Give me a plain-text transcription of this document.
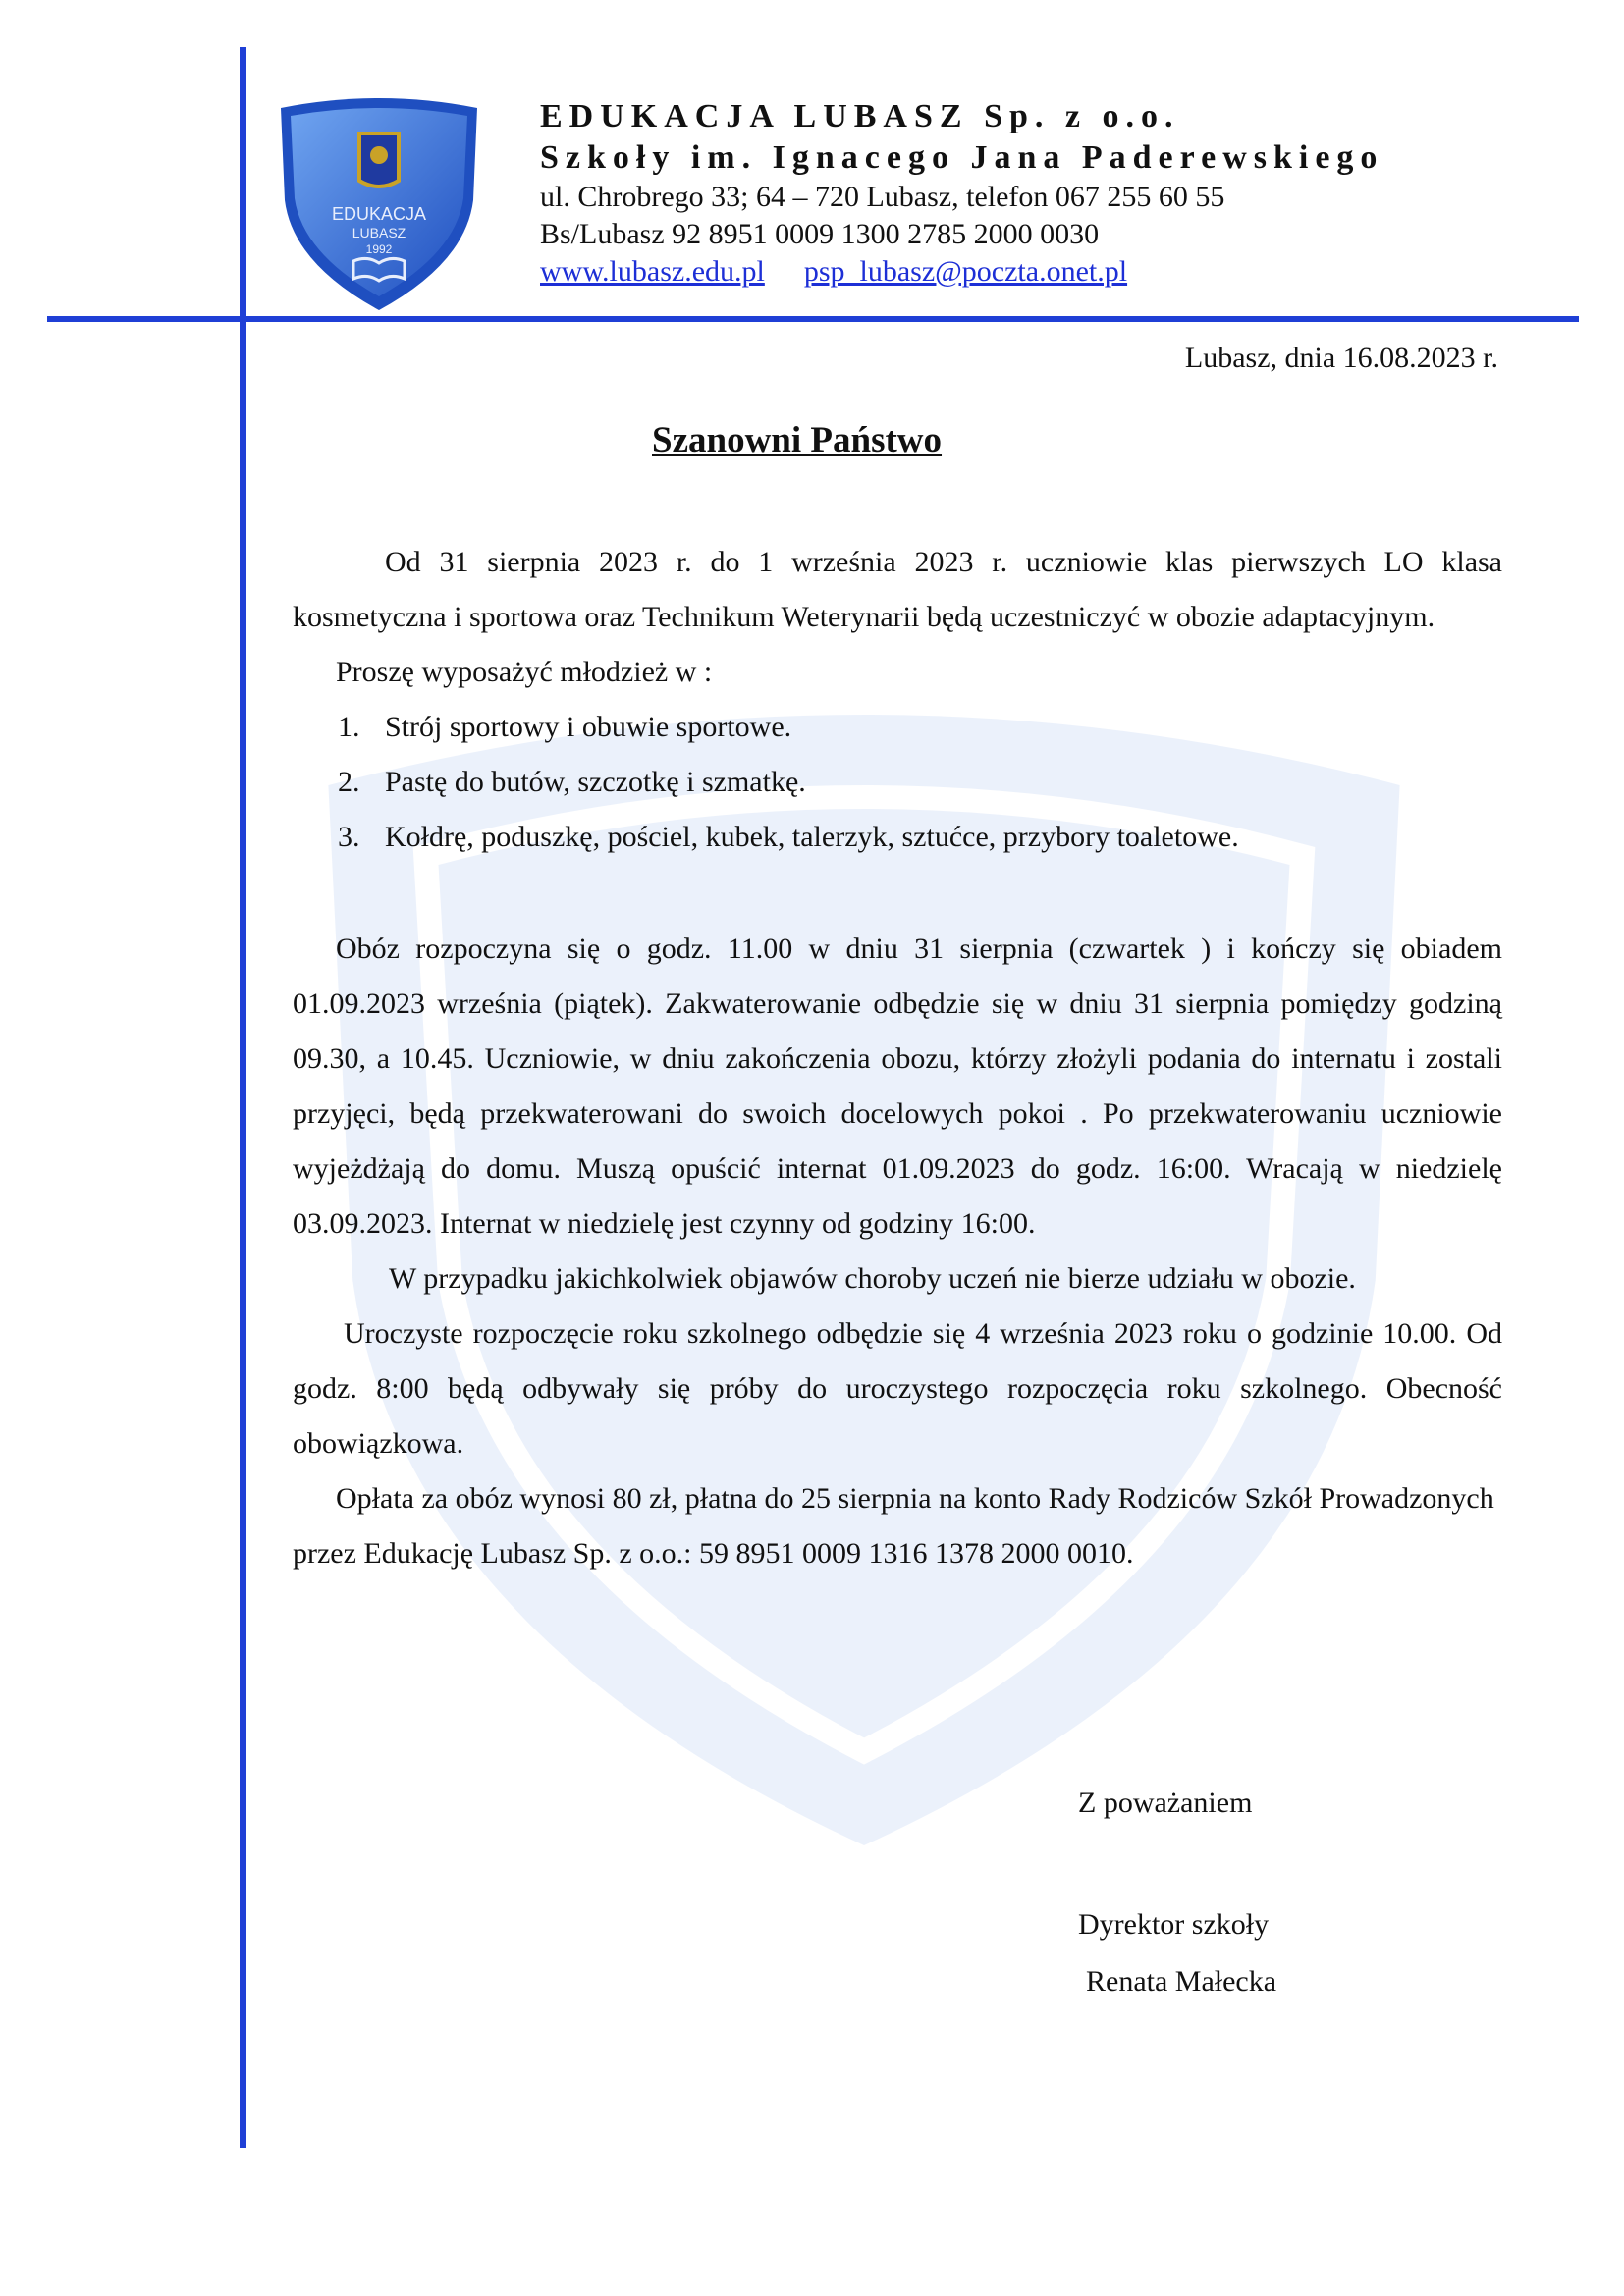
EDUKACJA
LUBASZ
1992
EDUKACJA LUBASZ Sp. z o.o.
Szkoły im. Ignacego Jana Paderewskiego
ul. Chrobrego 33; 64 – 720 Lubasz, telefon 067 255 60 55
Bs/Lubasz 92 8951 0009 1300 2785 2000 0030
www.lubasz.edu.pl psp_lubasz@poczta.onet.pl
Lubasz, dnia 16.08.2023 r.
Szanowni Państwo

Od 31 sierpnia 2023 r. do 1 września 2023 r. uczniowie klas pierwszych LO klasa kosmetyczna i sportowa oraz Technikum Weterynarii będą uczestniczyć w obozie adaptacyjnym.

Proszę wyposażyć młodzież w :

1. Strój sportowy i obuwie sportowe.
2. Pastę do butów, szczotkę i szmatkę.
3. Kołdrę, poduszkę, pościel, kubek, talerzyk, sztućce, przybory toaletowe.

Obóz rozpoczyna się o godz. 11.00 w dniu 31 sierpnia (czwartek ) i kończy się obiadem 01.09.2023 września (piątek). Zakwaterowanie odbędzie się w dniu 31 sierpnia pomiędzy godziną 09.30, a 10.45. Uczniowie, w dniu zakończenia obozu, którzy złożyli podania do internatu i zostali przyjęci, będą przekwaterowani do swoich docelowych pokoi . Po przekwaterowaniu uczniowie wyjeżdżają do domu. Muszą opuścić internat 01.09.2023 do godz. 16:00. Wracają w niedzielę 03.09.2023. Internat w niedzielę jest czynny od godziny 16:00.

W przypadku jakichkolwiek objawów choroby uczeń nie bierze udziału w obozie.

Uroczyste rozpoczęcie roku szkolnego odbędzie się 4 września 2023 roku o godzinie 10.00. Od godz. 8:00 będą odbywały się próby do uroczystego rozpoczęcia roku szkolnego. Obecność obowiązkowa.

Opłata za obóz wynosi 80 zł, płatna do 25 sierpnia na konto Rady Rodziców Szkół Prowadzonych przez Edukację Lubasz Sp. z o.o.: 59 8951 0009 1316 1378 2000 0010.

Z poważaniem
Dyrektor szkoły
Renata Małecka
